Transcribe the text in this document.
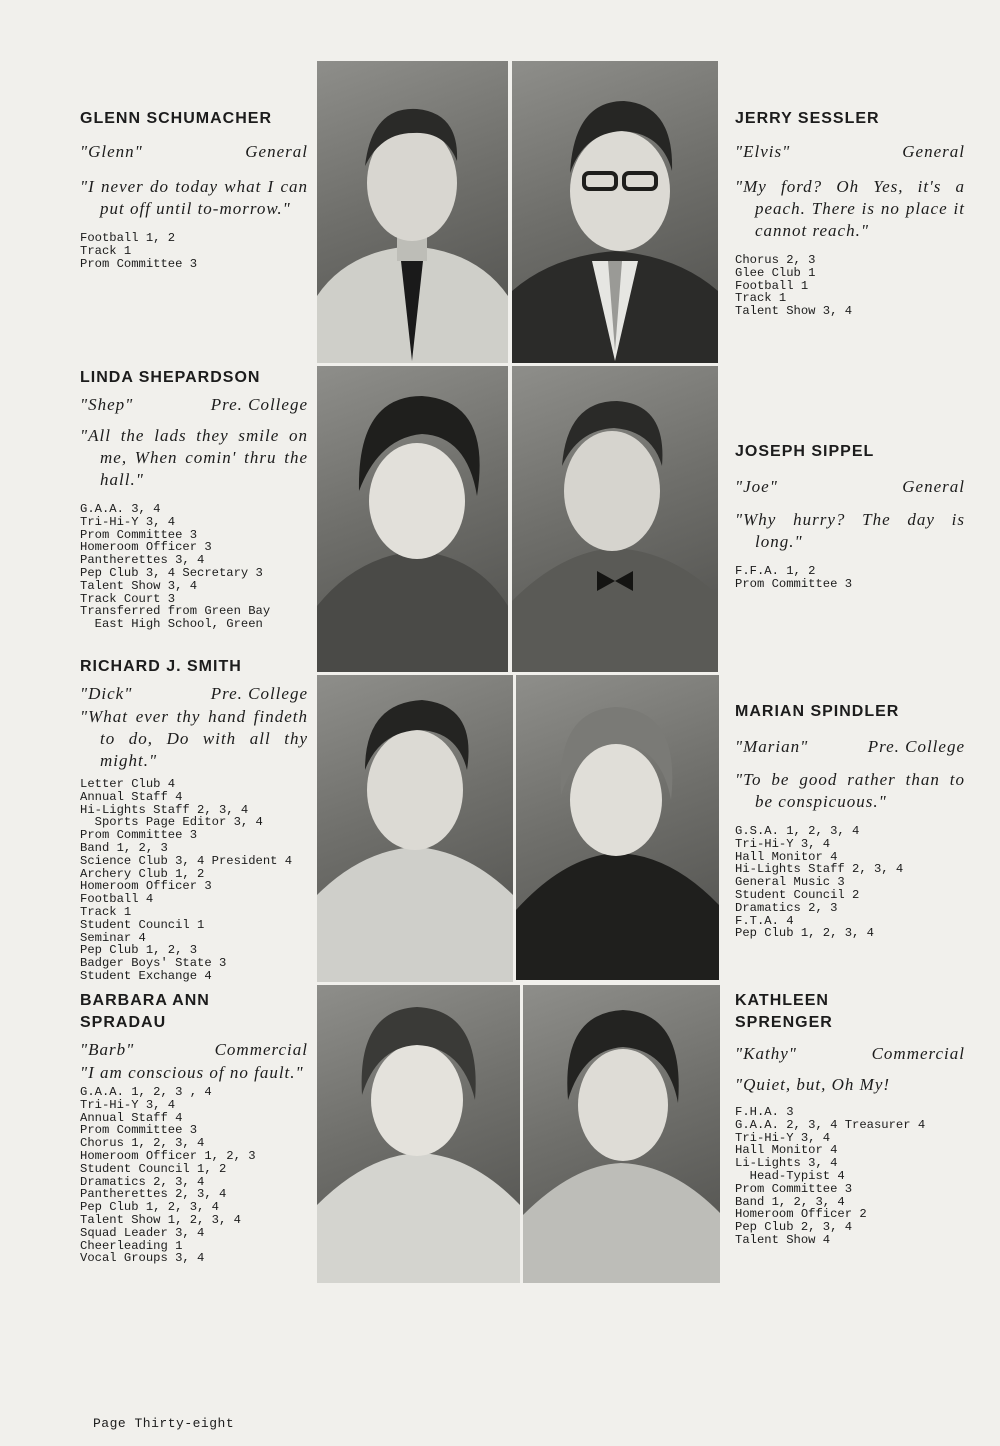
GLENN SCHUMACHER
"Glenn"	General
"I never do today what I can put off until to-morrow."
Football 1, 2
Track 1
Prom Committee 3
JERRY SESSLER
"Elvis"	General
"My ford? Oh Yes, it's a peach. There is no place it cannot reach."
Chorus 2, 3
Glee Club 1
Football 1
Track 1
Talent Show 3, 4
LINDA SHEPARDSON
"Shep"	Pre. College
"All the lads they smile on me, When comin' thru the hall."
G.A.A. 3, 4
Tri-Hi-Y 3, 4
Prom Committee 3
Homeroom Officer 3
Pantherettes 3, 4
Pep Club 3, 4 Secretary 3
Talent Show 3, 4
Track Court 3
Transferred from Green Bay
East High School, Green
JOSEPH SIPPEL
"Joe"	General
"Why hurry? The day is long."
F.F.A. 1, 2
Prom Committee 3
RICHARD J. SMITH
"Dick"	Pre. College
"What ever thy hand findeth to do, Do with all thy might."
Letter Club 4
Annual Staff 4
Hi-Lights Staff 2, 3, 4
Sports Page Editor 3, 4
Prom Committee 3
Band 1, 2, 3
Science Club 3, 4 President 4
Archery Club 1, 2
Homeroom Officer 3
Football 4
Track 1
Student Council 1
Seminar 4
Pep Club 1, 2, 3
Badger Boys' State 3
Student Exchange 4
MARIAN SPINDLER
"Marian"	Pre. College
"To be good rather than to be conspicuous."
G.S.A. 1, 2, 3, 4
Tri-Hi-Y 3, 4
Hall Monitor 4
Hi-Lights Staff 2, 3, 4
General Music 3
Student Council 2
Dramatics 2, 3
F.T.A. 4
Pep Club 1, 2, 3, 4
BARBARA ANN
SPRADAU
"Barb"	Commercial
"I am conscious of no fault."
G.A.A. 1, 2, 3 , 4
Tri-Hi-Y 3, 4
Annual Staff 4
Prom Committee 3
Chorus 1, 2, 3, 4
Homeroom Officer 1, 2, 3
Student Council 1, 2
Dramatics 2, 3, 4
Pantherettes 2, 3, 4
Pep Club 1, 2, 3, 4
Talent Show 1, 2, 3, 4
Squad Leader 3, 4
Cheerleading 1
Vocal Groups 3, 4
KATHLEEN
SPRENGER
"Kathy"	Commercial
"Quiet, but, Oh My!
F.H.A. 3
G.A.A. 2, 3, 4 Treasurer 4
Tri-Hi-Y 3, 4
Hall Monitor 4
Li-Lights 3, 4
Head-Typist 4
Prom Committee 3
Band 1, 2, 3, 4
Homeroom Officer 2
Pep Club 2, 3, 4
Talent Show 4
Page Thirty-eight
